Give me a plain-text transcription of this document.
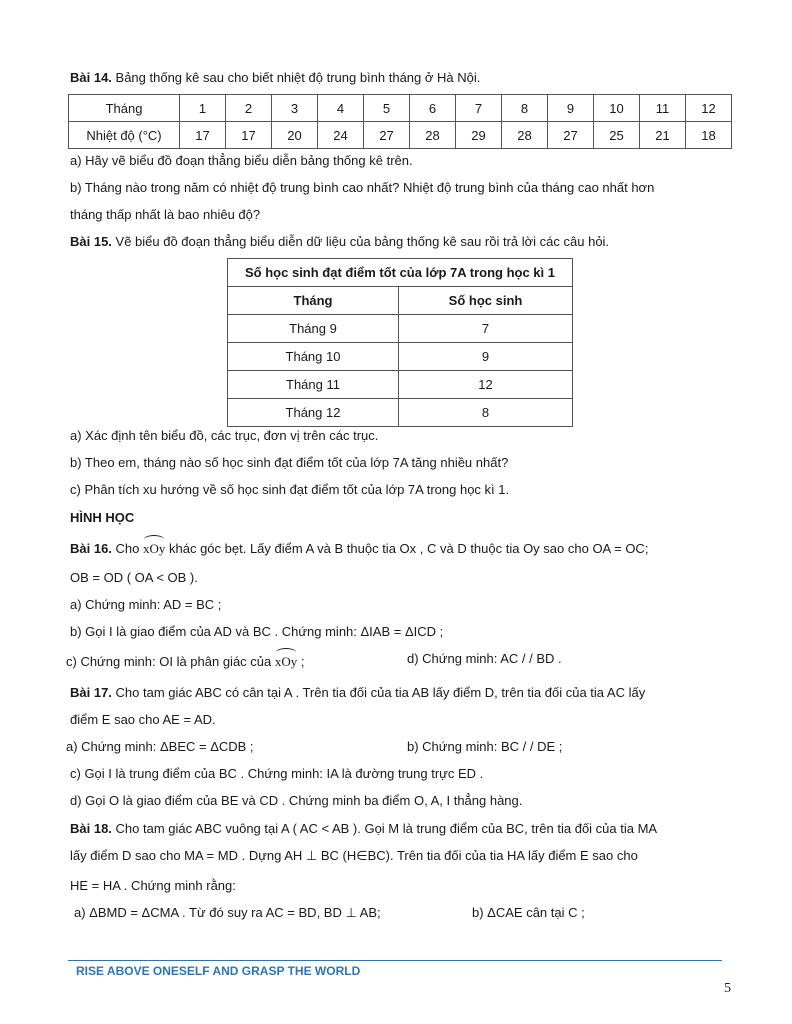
Bài 14. Bảng thống kê sau cho biết nhiệt độ trung bình tháng ở Hà Nội.
Tháng	1	2	3	4	5	6	7	8	9	10	11	12
Nhiệt độ (°C)	17	17	20	24	27	28	29	28	27	25	21	18
a) Hãy vẽ biểu đồ đoạn thẳng biểu diễn bảng thống kê trên.
b) Tháng nào trong năm có nhiệt độ trung bình cao nhất? Nhiệt độ trung bình của tháng cao nhất hơn
tháng thấp nhất là bao nhiêu độ?
Bài 15. Vẽ biểu đồ đoạn thẳng biểu diễn dữ liệu của bảng thống kê sau rồi trả lời các câu hỏi.
Số học sinh đạt điểm tốt của lớp 7A trong học kì 1	
Tháng	Số học sinh
Tháng 9	7
Tháng 10	9
Tháng 11	12
Tháng 12	8
a) Xác định tên biểu đồ, các trục, đơn vị trên các trục.
b) Theo em, tháng nào số học sinh đạt điểm tốt của lớp 7A tăng nhiều nhất?
c) Phân tích xu hướng về số học sinh đạt điểm tốt của lớp 7A trong học kì 1.
HÌNH HỌC
Bài 16. Cho xOy khác góc bẹt. Lấy điểm A và B thuộc tia Ox , C và D thuộc tia Oy sao cho OA = OC;
OB = OD ( OA < OB ).
a) Chứng minh: AD = BC ;
b) Gọi I là giao điểm của AD và BC . Chứng minh: ΔIAB = ΔICD ;
c) Chứng minh: OI là phân giác của xOy ;	d) Chứng minh: AC / / BD .
Bài 17. Cho tam giác ABC có cân tại A . Trên tia đối của tia AB lấy điểm D, trên tia đối của tia AC lấy
điểm E sao cho AE = AD.
a) Chứng minh: ΔBEC = ΔCDB ;	b) Chứng minh: BC / / DE ;
c) Gọi I là trung điểm của BC . Chứng minh: IA là đường trung trực ED .
d) Gọi O là giao điểm của BE và CD . Chứng minh ba điểm O, A, I thẳng hàng.
Bài 18. Cho tam giác ABC vuông tại A ( AC < AB ). Gọi M là trung điểm của BC, trên tia đối của tia MA
lấy điểm D sao cho MA = MD . Dựng AH ⊥ BC (H∈BC). Trên tia đối của tia HA lấy điểm E sao cho
HE = HA . Chứng minh rằng:
a) ΔBMD = ΔCMA . Từ đó suy ra AC = BD, BD ⊥ AB;	b) ΔCAE cân tại C ;
RISE ABOVE ONESELF AND GRASP THE WORLD
5
